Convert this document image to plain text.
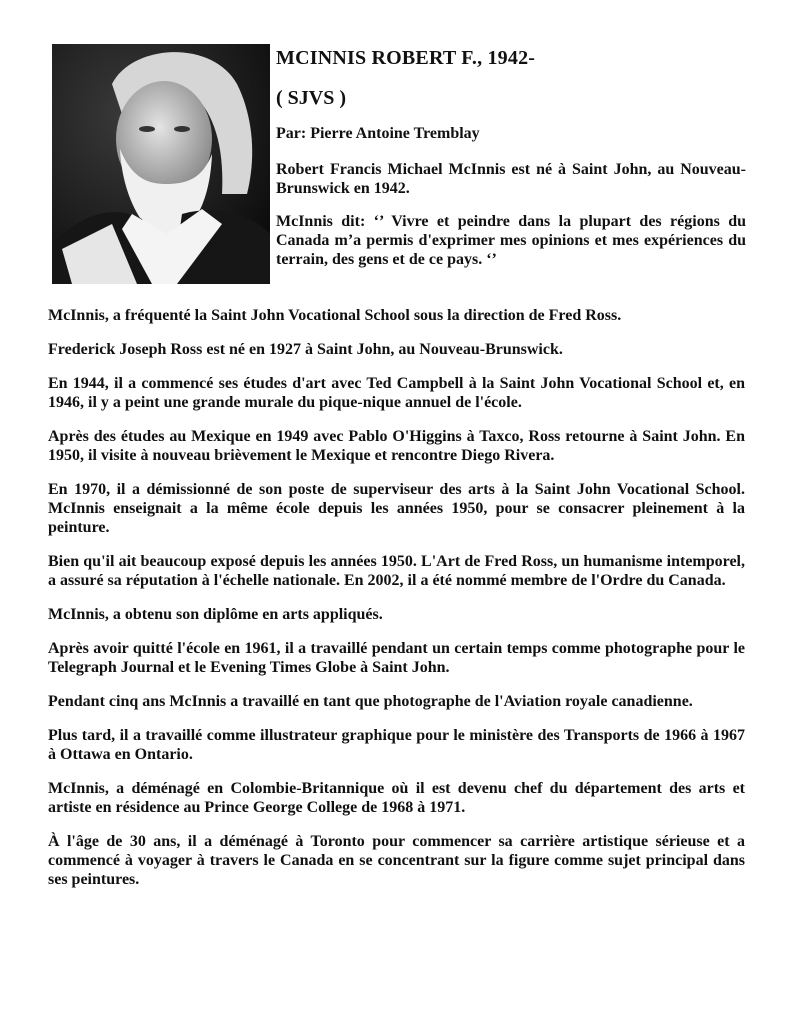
MCINNIS ROBERT F., 1942-
( SJVS )
Par: Pierre Antoine Tremblay

Robert Francis Michael McInnis est né à Saint John, au Nouveau-Brunswick en 1942.

McInnis dit: ‘’ Vivre et peindre dans la plupart des régions du Canada m’a permis d'exprimer mes opinions et mes expériences du terrain, des gens et de ce pays. ‘’

McInnis, a fréquenté la Saint John Vocational School sous la direction de Fred Ross.

Frederick Joseph Ross est né en 1927 à Saint John, au Nouveau-Brunswick.

En 1944, il a commencé ses études d'art avec Ted Campbell à la Saint John Vocational School et, en 1946, il y a peint une grande murale du pique-nique annuel de l'école.

Après des études au Mexique en 1949 avec Pablo O'Higgins à Taxco, Ross retourne à Saint John. En 1950, il visite à nouveau brièvement le Mexique et rencontre Diego Rivera.

En 1970, il a démissionné de son poste de superviseur des arts à la Saint John Vocational School. McInnis enseignait a la même école depuis les années 1950, pour se consacrer pleinement à la peinture.

Bien qu'il ait beaucoup exposé depuis les années 1950. L'Art de Fred Ross, un humanisme intemporel, a assuré sa réputation à l'échelle nationale. En 2002, il a été nommé membre de l'Ordre du Canada.

McInnis, a obtenu son diplôme en arts appliqués.

Après avoir quitté l'école en 1961, il a travaillé pendant un certain temps comme photographe pour le Telegraph Journal et le Evening Times Globe à Saint John.

Pendant cinq ans McInnis a travaillé en tant que photographe de l'Aviation royale canadienne.

Plus tard, il a travaillé comme illustrateur graphique pour le ministère des Transports de 1966 à 1967 à Ottawa en Ontario.

McInnis, a déménagé en Colombie-Britannique où il est devenu chef du département des arts et artiste en résidence au Prince George College de 1968 à 1971.

À l'âge de 30 ans, il a déménagé à Toronto pour commencer sa carrière artistique sérieuse et a commencé à voyager à travers le Canada en se concentrant sur la figure comme sujet principal dans ses peintures.
